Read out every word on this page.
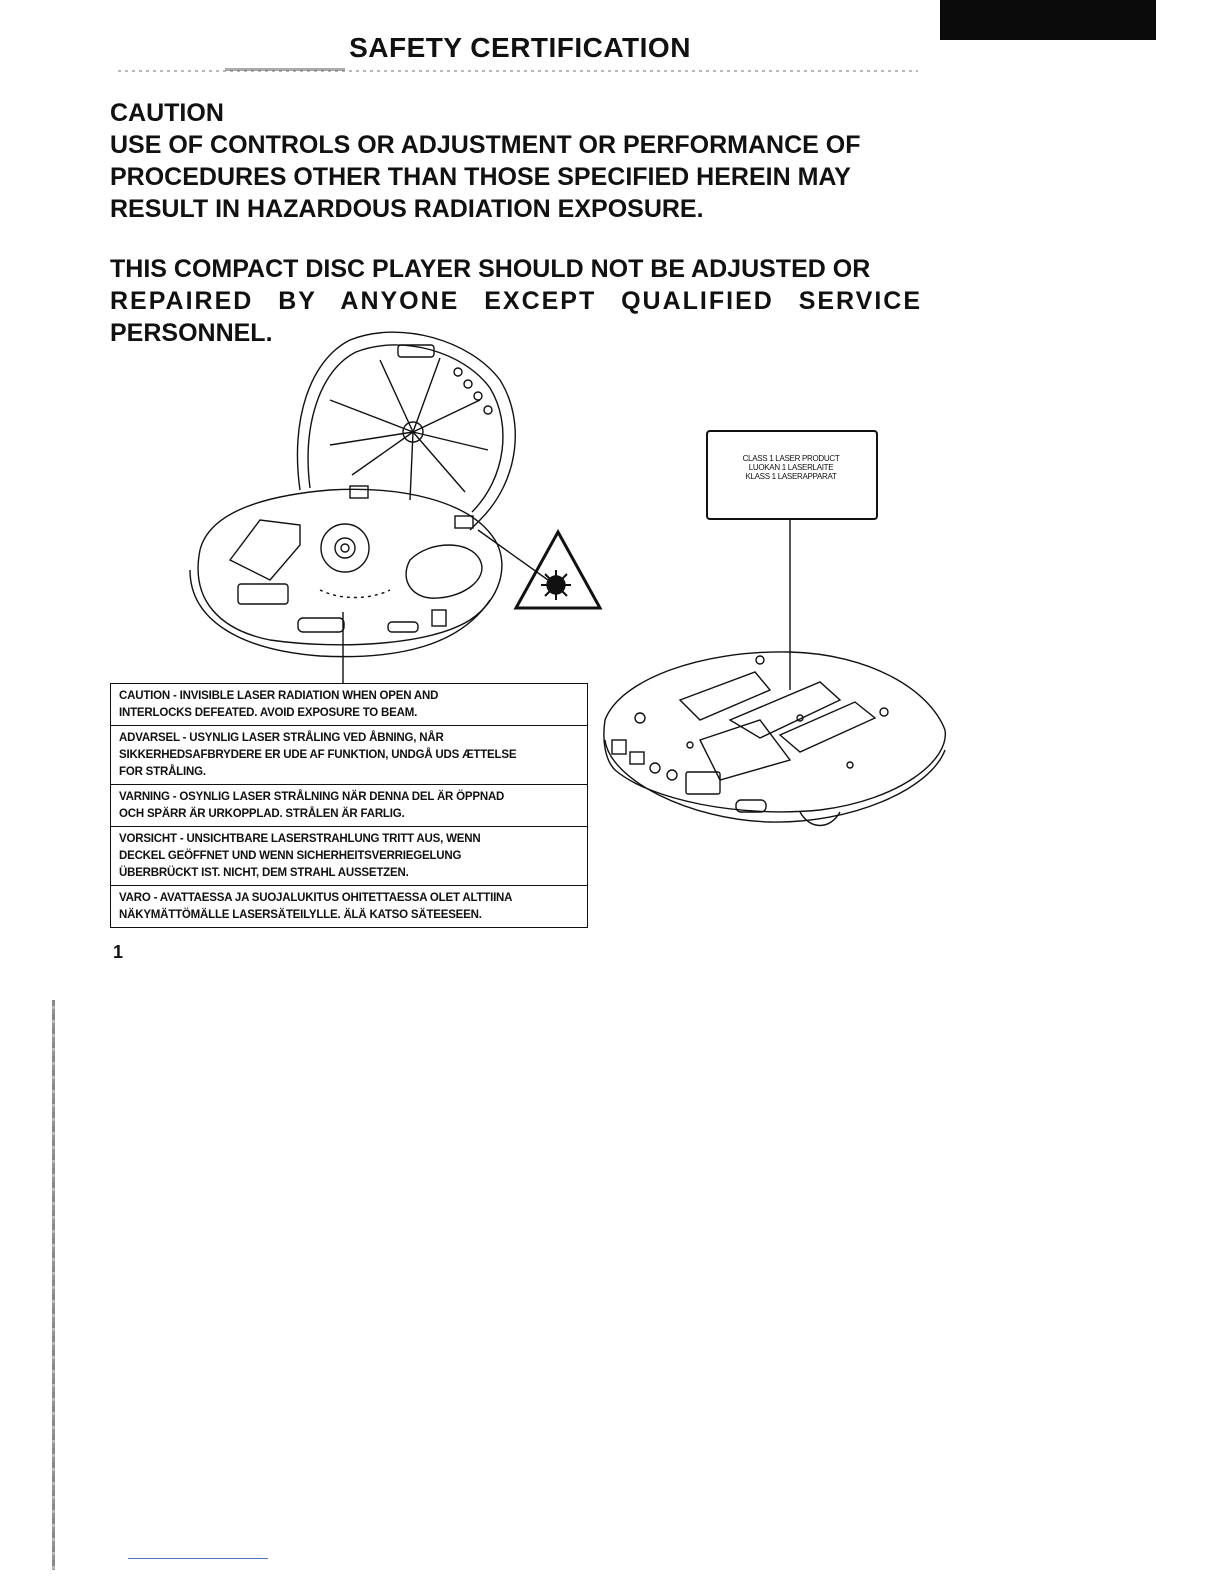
SAFETY CERTIFICATION

CAUTION

USE OF CONTROLS OR ADJUSTMENT OR PERFORMANCE OF

PROCEDURES OTHER THAN THOSE SPECIFIED HEREIN MAY

RESULT IN HAZARDOUS RADIATION EXPOSURE.

THIS COMPACT DISC PLAYER SHOULD NOT BE ADJUSTED OR

REPAIRED BY ANYONE EXCEPT QUALIFIED SERVICE

PERSONNEL.

CLASS 1 LASER PRODUCT
LUOKAN 1 LASERLAITE
KLASS 1 LASERAPPARAT
CAUTION - INVISIBLE LASER RADIATION WHEN OPEN AND
INTERLOCKS DEFEATED. AVOID EXPOSURE TO BEAM.
ADVARSEL - USYNLIG LASER STRÅLING VED ÅBNING, NÅR
SIKKERHEDSAFBRYDERE ER UDE AF FUNKTION, UNDGÅ UDS ÆTTELSE
FOR STRÅLING.
VARNING - OSYNLIG LASER STRÅLNING NÄR DENNA DEL ÄR ÖPPNAD
OCH SPÄRR ÄR URKOPPLAD. STRÅLEN ÄR FARLIG.
VORSICHT - UNSICHTBARE LASERSTRAHLUNG TRITT AUS, WENN
DECKEL GEÖFFNET UND WENN SICHERHEITSVERRIEGELUNG
ÜBERBRÜCKT IST. NICHT, DEM STRAHL AUSSETZEN.
VARO - AVATTAESSA JA SUOJALUKITUS OHITETTAESSA OLET ALTTIINA
NÄKYMÄTTÖMÄLLE LASERSÄTEILYLLE. ÄLÄ KATSO SÄTEESEEN.
1
